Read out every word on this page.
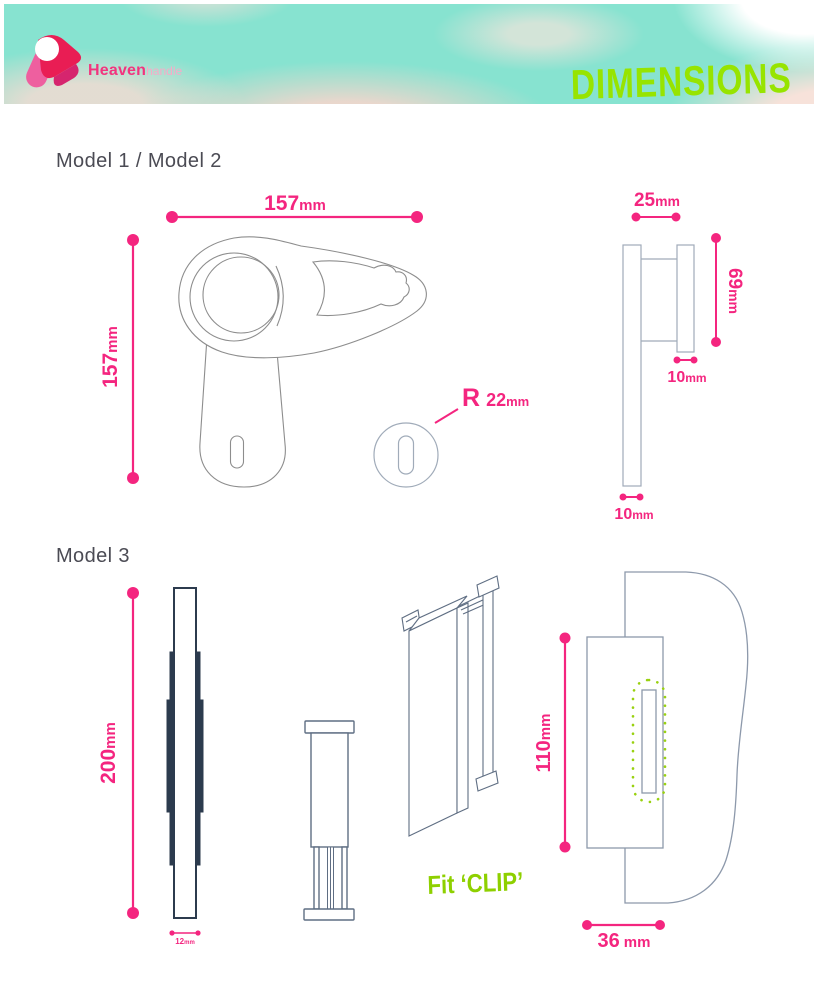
Heavenhandle	DIMENSIONS
Model 1 / Model 2
Model 3
Fit ‘CLIP’
R 22mm
157mm
157mm
25mm
69mm
10mm
10mm
200mm
12mm
110mm
36 mm
